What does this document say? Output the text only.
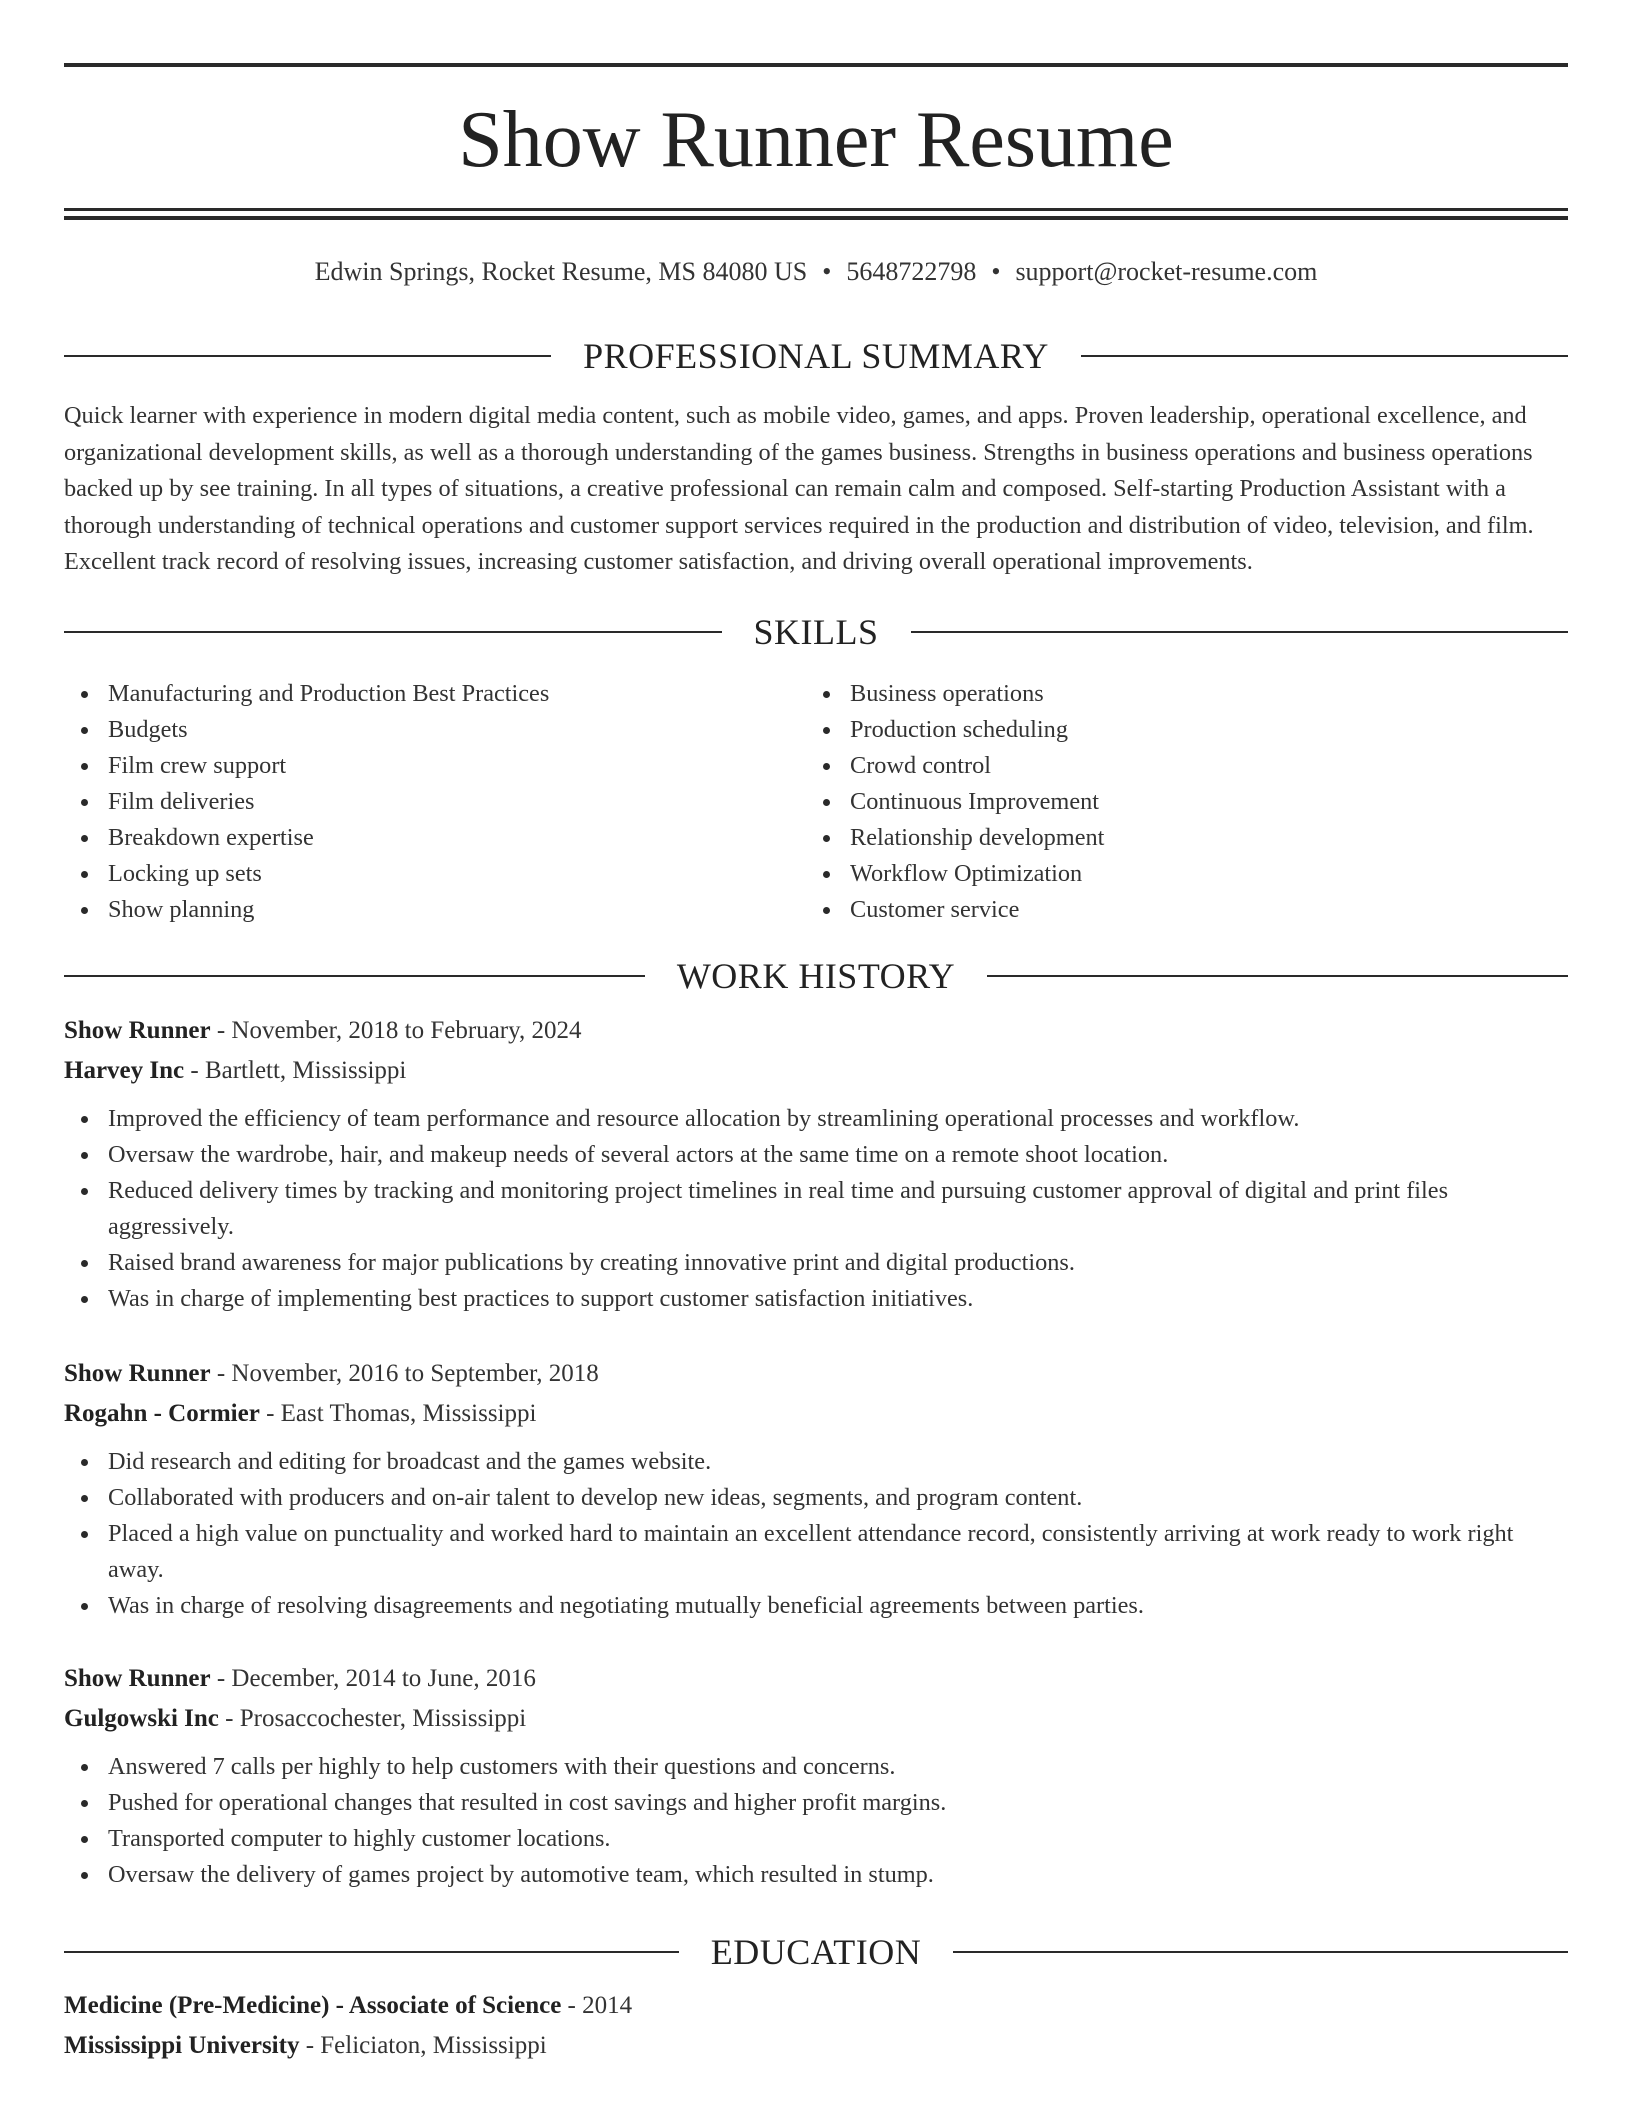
Show Runner Resume
Edwin Springs, Rocket Resume, MS 84080 US • 5648722798 • support@rocket-resume.com
PROFESSIONAL SUMMARY

Quick learner with experience in modern digital media content, such as mobile video, games, and apps. Proven leadership, operational excellence, and organizational development skills, as well as a thorough understanding of the games business. Strengths in business operations and business operations backed up by see training. In all types of situations, a creative professional can remain calm and composed. Self-starting Production Assistant with a thorough understanding of technical operations and customer support services required in the production and distribution of video, television, and film. Excellent track record of resolving issues, increasing customer satisfaction, and driving overall operational improvements.

SKILLS
Manufacturing and Production Best Practices
Budgets
Film crew support
Film deliveries
Breakdown expertise
Locking up sets
Show planning
Business operations
Production scheduling
Crowd control
Continuous Improvement
Relationship development
Workflow Optimization
Customer service
WORK HISTORY
Show Runner - November, 2018 to February, 2024
Harvey Inc - Bartlett, Mississippi
Improved the efficiency of team performance and resource allocation by streamlining operational processes and workflow.
Oversaw the wardrobe, hair, and makeup needs of several actors at the same time on a remote shoot location.
Reduced delivery times by tracking and monitoring project timelines in real time and pursuing customer approval of digital and print files aggressively.
Raised brand awareness for major publications by creating innovative print and digital productions.
Was in charge of implementing best practices to support customer satisfaction initiatives.
Show Runner - November, 2016 to September, 2018
Rogahn - Cormier - East Thomas, Mississippi
Did research and editing for broadcast and the games website.
Collaborated with producers and on-air talent to develop new ideas, segments, and program content.
Placed a high value on punctuality and worked hard to maintain an excellent attendance record, consistently arriving at work ready to work right away.
Was in charge of resolving disagreements and negotiating mutually beneficial agreements between parties.
Show Runner - December, 2014 to June, 2016
Gulgowski Inc - Prosaccochester, Mississippi
Answered 7 calls per highly to help customers with their questions and concerns.
Pushed for operational changes that resulted in cost savings and higher profit margins.
Transported computer to highly customer locations.
Oversaw the delivery of games project by automotive team, which resulted in stump.
EDUCATION
Medicine (Pre-Medicine) - Associate of Science - 2014
Mississippi University - Feliciaton, Mississippi
